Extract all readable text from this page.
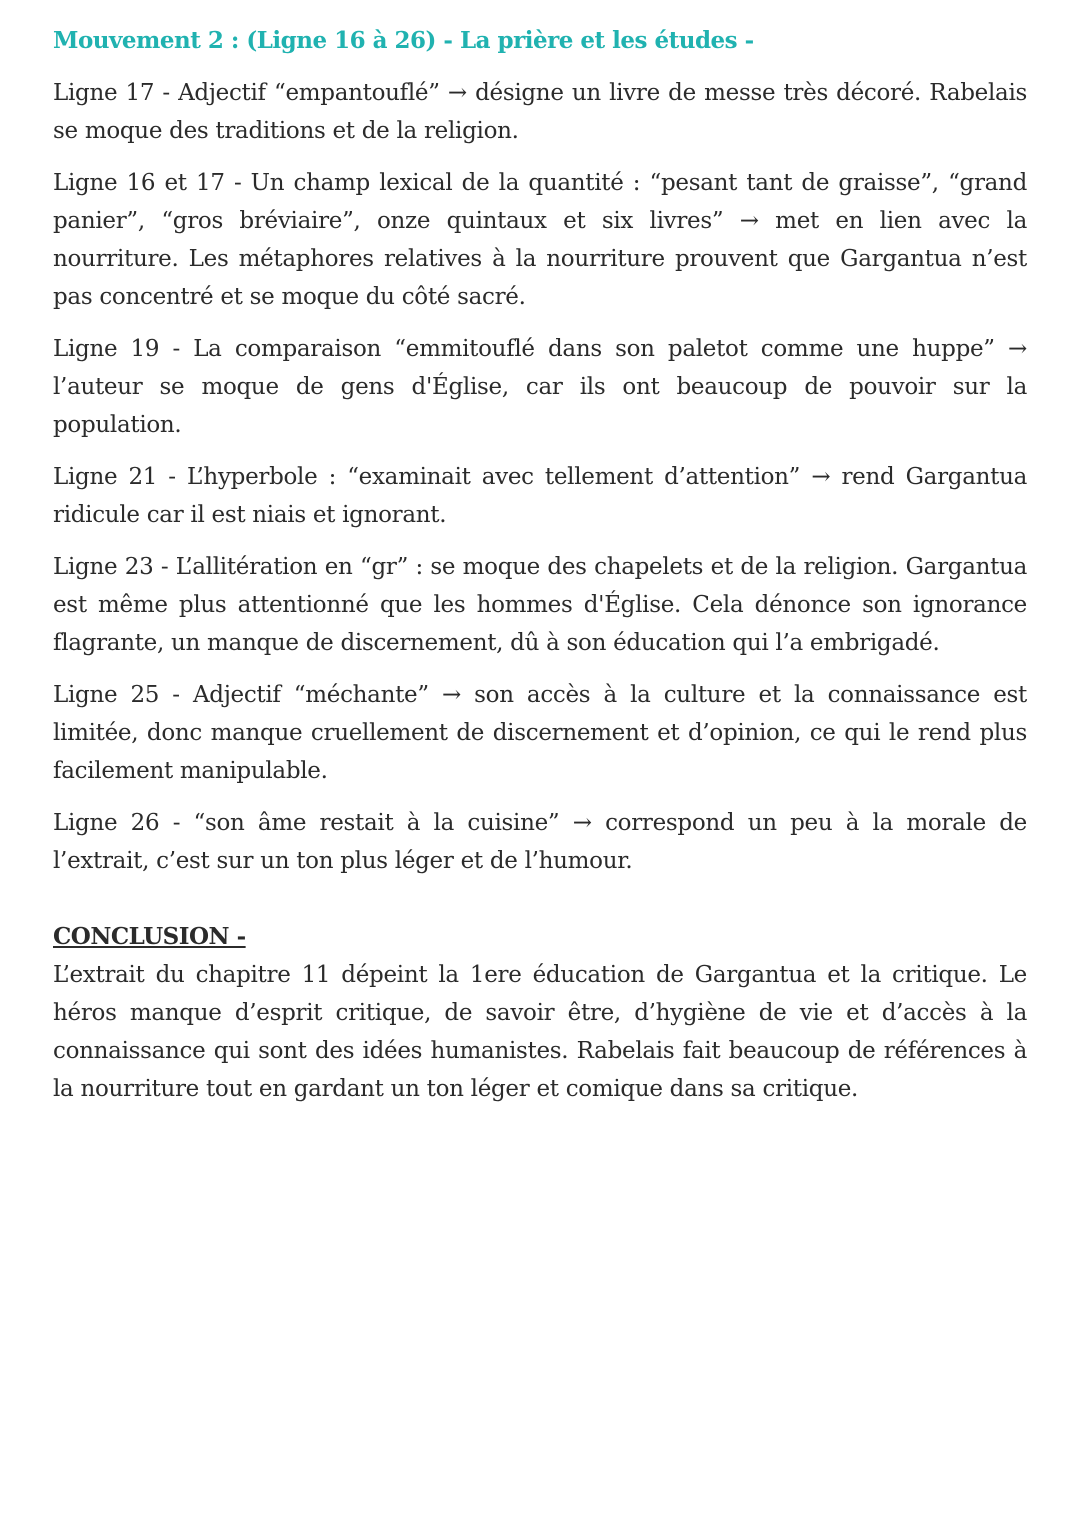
Mouvement 2 : (Ligne 16 à 26) - La prière et les études -

Ligne 17 - Adjectif “empantouflé” → désigne un livre de messe très décoré. Rabelais se moque des traditions et de la religion.

Ligne 16 et 17 - Un champ lexical de la quantité : “pesant tant de graisse”, “grand panier”, “gros bréviaire”, onze quintaux et six livres” → met en lien avec la nourriture. Les métaphores relatives à la nourriture prouvent que Gargantua n’est pas concentré et se moque du côté sacré.

Ligne 19 - La comparaison “emmitouflé dans son paletot comme une huppe” → l’auteur se moque de gens d'Église, car ils ont beaucoup de pouvoir sur la population.

Ligne 21 - L’hyperbole : “examinait avec tellement d’attention” → rend Gargantua ridicule car il est niais et ignorant.

Ligne 23 - L’allitération en “gr” : se moque des chapelets et de la religion. Gargantua est même plus attentionné que les hommes d'Église. Cela dénonce son ignorance flagrante, un manque de discernement, dû à son éducation qui l’a embrigadé.

Ligne 25 - Adjectif “méchante” → son accès à la culture et la connaissance est limitée, donc manque cruellement de discernement et d’opinion, ce qui le rend plus facilement manipulable.

Ligne 26 - “son âme restait à la cuisine” → correspond un peu à la morale de l’extrait, c’est sur un ton plus léger et de l’humour.

CONCLUSION -

L’extrait du chapitre 11 dépeint la 1ere éducation de Gargantua et la critique. Le héros manque d’esprit critique, de savoir être, d’hygiène de vie et d’accès à la connaissance qui sont des idées humanistes. Rabelais fait beaucoup de références à la nourriture tout en gardant un ton léger et comique dans sa critique.
